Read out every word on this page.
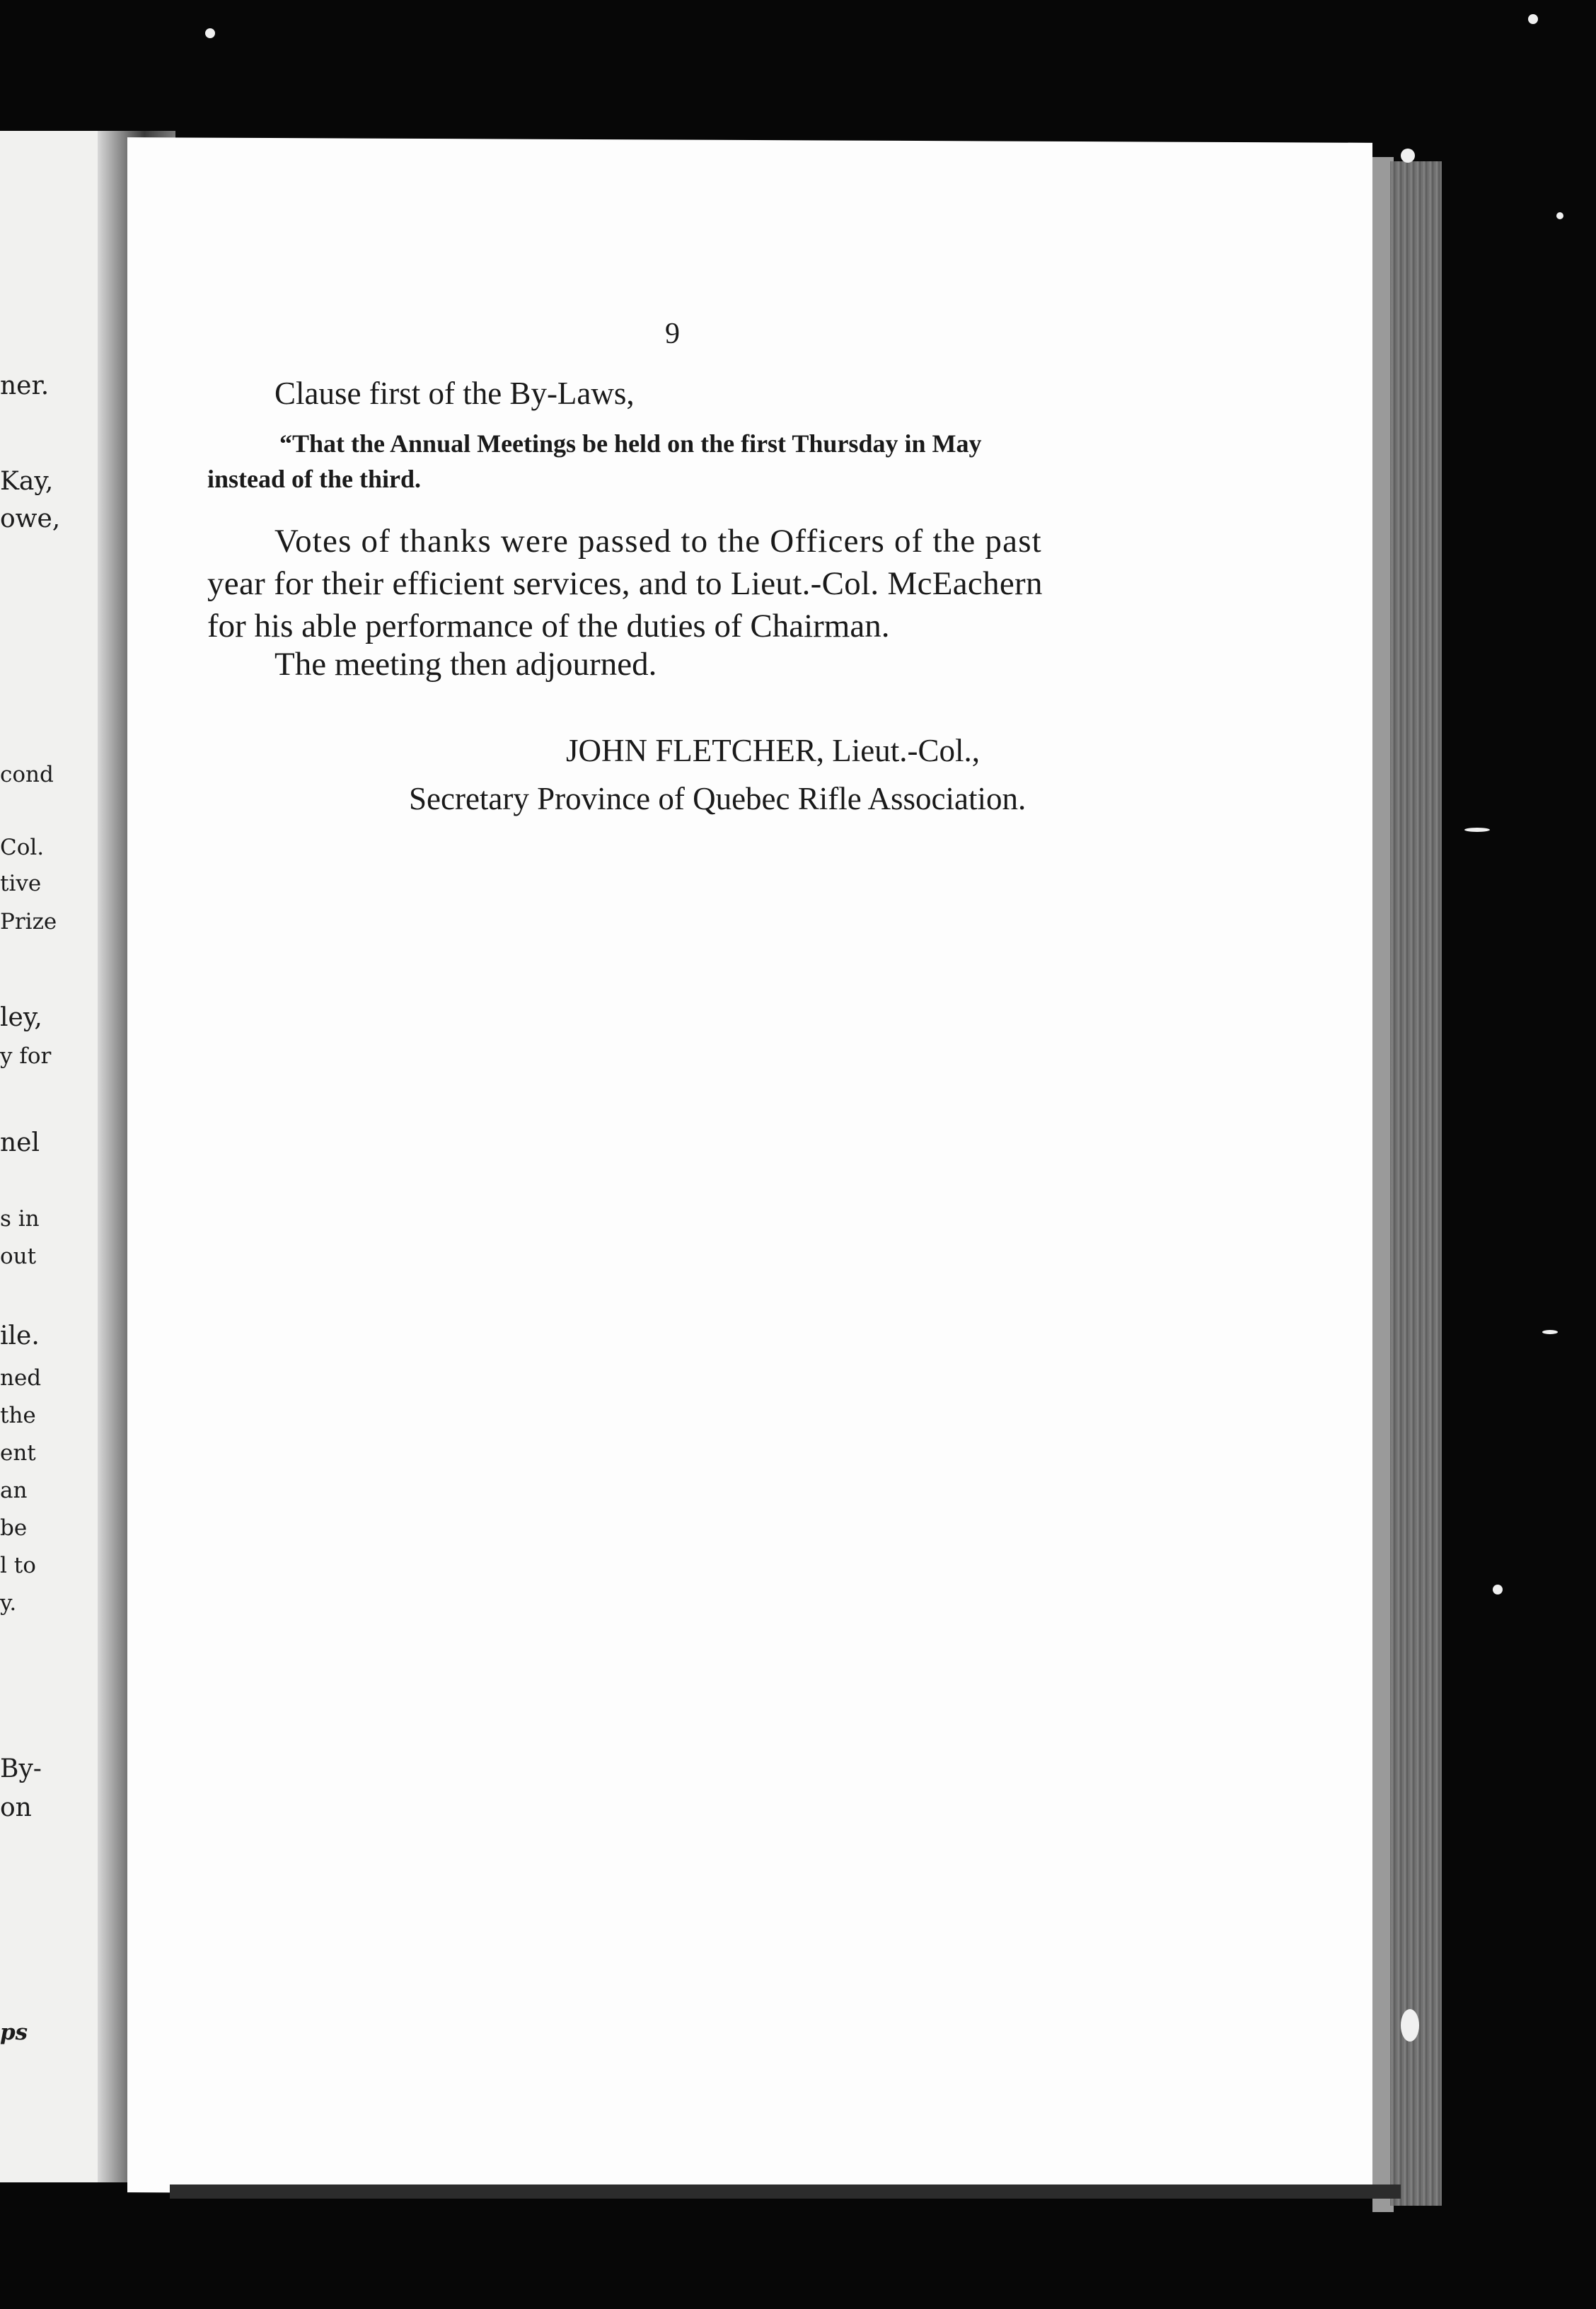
ner.
Kay,
owe,
cond
Col.
tive
Prize
ley,
y for
nel
s in
out
ile.
ned
the
ent
an
be
l to
y.
By-
on
ps
9
Clause first of the By-Laws,
“That the Annual Meetings be held on the first Thursday in May
instead of the third.
Votes of thanks were passed to the Officers of the past
year for their efficient services, and to Lieut.-Col. McEachern
for his able performance of the duties of Chairman.
The meeting then adjourned.
JOHN FLETCHER, Lieut.-Col.,
Secretary Province of Quebec Rifle Association.
